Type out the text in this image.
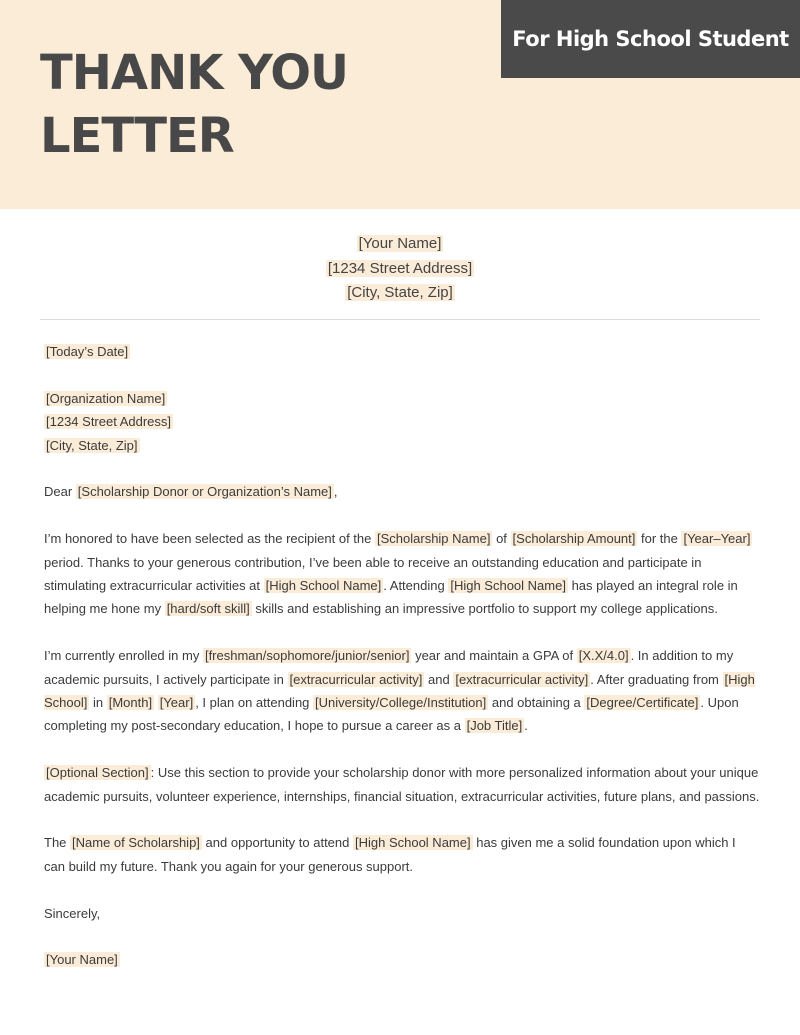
THANK YOU
LETTER
For High School Student
[Your Name]
[1234 Street Address]
[City, State, Zip]

[Today’s Date]

[Organization Name]
[1234 Street Address]
[City, State, Zip]

Dear [Scholarship Donor or Organization’s Name] ,

I’m honored to have been selected as the recipient of the [Scholarship Name] of [Scholarship Amount] for the [Year–Year] period. Thanks to your generous contribution, I’ve been able to receive an outstanding education and participate in stimulating extracurricular activities at [High School Name] . Attending [High School Name] has played an integral role in helping me hone my [hard/soft skill] skills and establishing an impressive portfolio to support my college applications.

I’m currently enrolled in my [freshman/sophomore/junior/senior] year and maintain a GPA of [X.X/4.0] . In addition to my academic pursuits, I actively participate in [extracurricular activity] and [extracurricular activity] . After graduating from [High School] in [Month] [Year] , I plan on attending [University/College/Institution] and obtaining a [Degree/Certificate] . Upon completing my post-secondary education, I hope to pursue a career as a [Job Title] .

[Optional Section] : Use this section to provide your scholarship donor with more personalized information about your unique academic pursuits, volunteer experience, internships, financial situation, extracurricular activities, future plans, and passions.

The [Name of Scholarship] and opportunity to attend [High School Name] has given me a solid foundation upon which I can build my future. Thank you again for your generous support.

Sincerely,

[Your Name]
